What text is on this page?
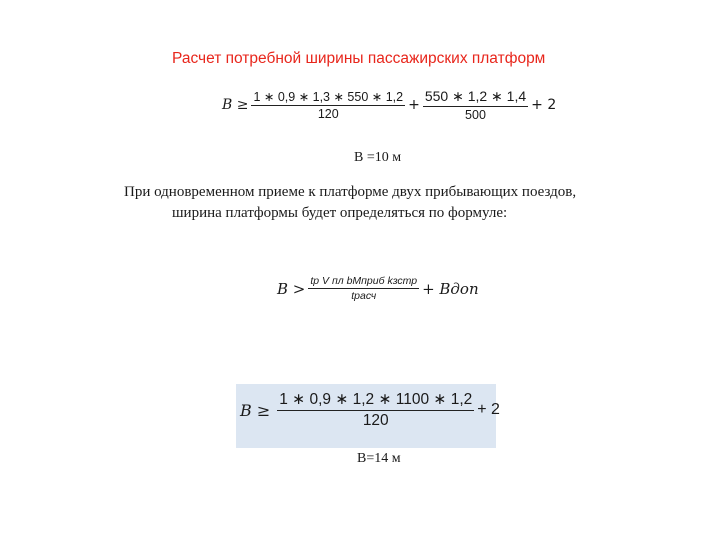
Расчет потребной ширины пассажирских платформ
$B \ge \frac{1 ∗ 0,9 ∗ 1,3 ∗ 550 ∗ 1,2}{120} + \frac{550 ∗ 1,2 ∗ 1,4}{500} + 2$
В =10 м
При одновременном приеме к платформе двух прибывающих поездов,
ширина платформы будет определяться по формуле:
$B > \frac{\text{tp V пл bMприб kзстр}}{\text{tрасч}}$ + Bдоп
$B \ge \frac{1 ∗ 0,9 ∗ 1,2 ∗ 1100 ∗ 1,2}{120} + 2$
В=14 м
